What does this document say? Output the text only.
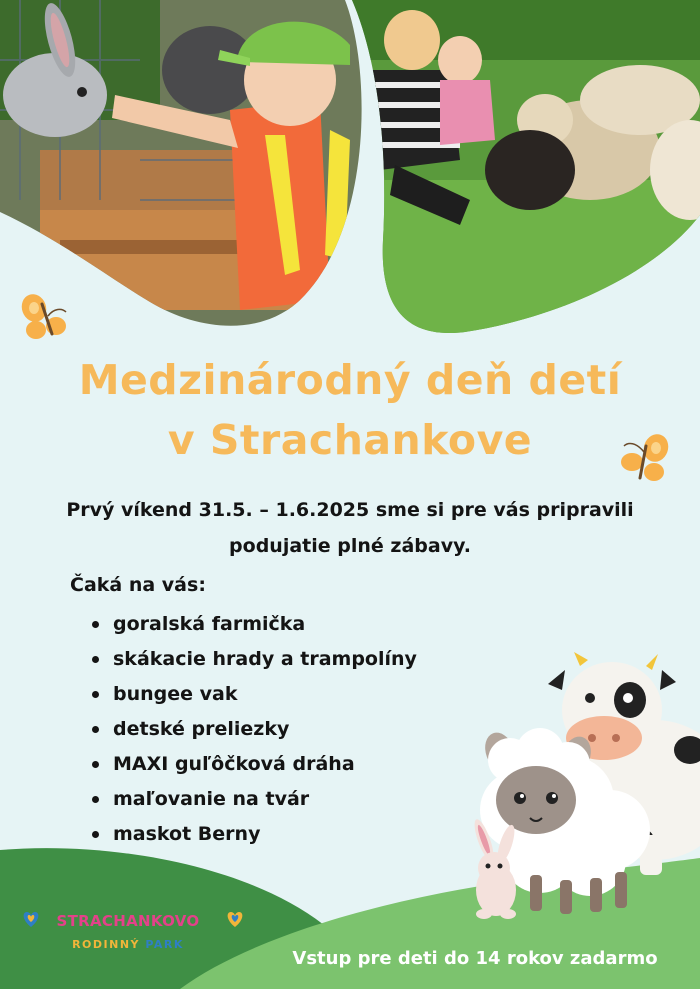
Medzinárodný deň detí
v Strachankove
Prvý víkend 31.5. – 1.6.2025 sme si pre vás pripravili
podujatie plné zábavy.
Čaká na vás:
goralská farmička
skákacie hrady a trampolíny
bungee vak
detské preliezky
MAXI guľôčková dráha
maľovanie na tvár
maskot Berny
STRACHANKOVO
RODINNÝ PARK
Vstup pre deti do 14 rokov zadarmo
